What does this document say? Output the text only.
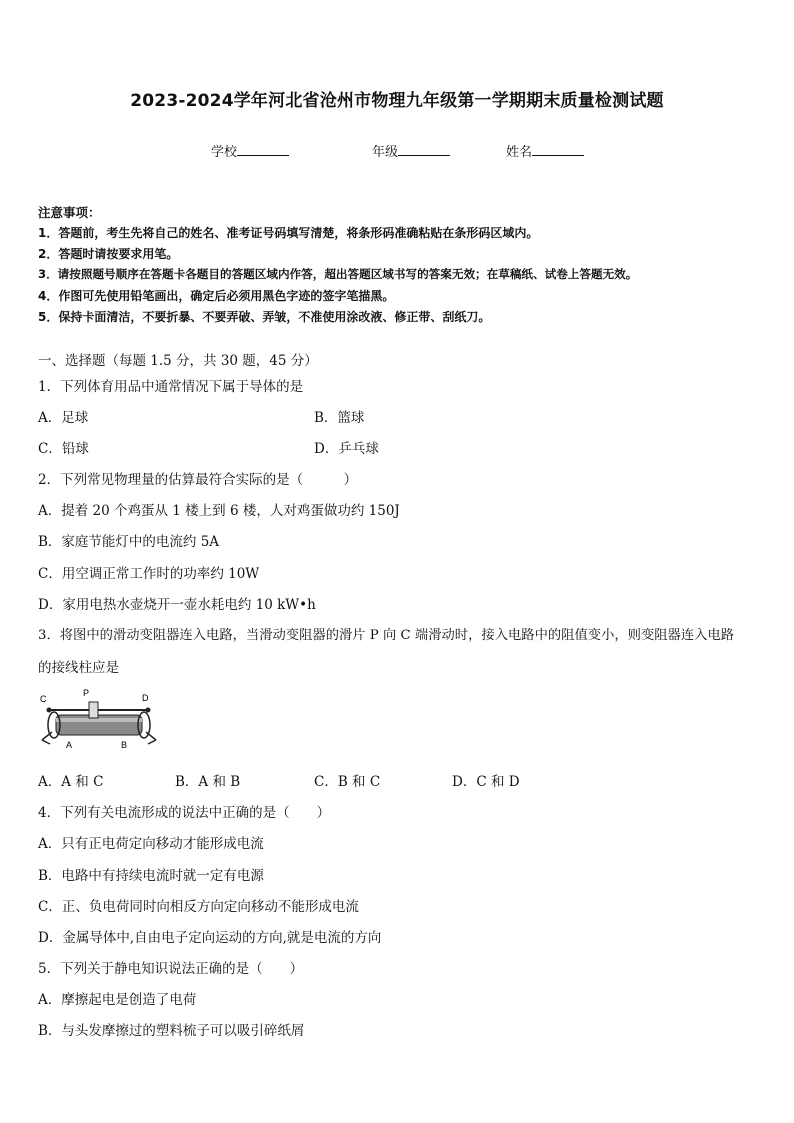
2023-2024学年河北省沧州市物理九年级第一学期期末质量检测试题
学校	年级	姓名
注意事项：
1．答题前，考生先将自己的姓名、准考证号码填写清楚，将条形码准确粘贴在条形码区域内。
2．答题时请按要求用笔。
3．请按照题号顺序在答题卡各题目的答题区域内作答，超出答题区域书写的答案无效；在草稿纸、试卷上答题无效。
4．作图可先使用铅笔画出，确定后必须用黑色字迹的签字笔描黑。
5．保持卡面清洁，不要折暴、不要弄破、弄皱，不准使用涂改液、修正带、刮纸刀。
一、选择题（每题 1.5 分，共 30 题，45 分）
1．下列体育用品中通常情况下属于导体的是
A．足球	B．篮球
C．铅球	D．乒乓球
2．下列常见物理量的估算最符合实际的是（　　　）
A．提着 20 个鸡蛋从 1 楼上到 6 楼，人对鸡蛋做功约 150J
B．家庭节能灯中的电流约 5A
C．用空调正常工作时的功率约 10W
D．家用电热水壶烧开一壶水耗电约 10 kW•h
3．将图中的滑动变阻器连入电路，当滑动变阻器的滑片 P 向 C 端滑动时，接入电路中的阻值变小，则变阻器连入电路
的接线柱应是
C
P	D
A	B
A．A 和 C	B．A 和 B	C．B 和 C	D．C 和 D
4．下列有关电流形成的说法中正确的是（　　）
A．只有正电荷定向移动才能形成电流
B．电路中有持续电流时就一定有电源
C．正、负电荷同时向相反方向定向移动不能形成电流
D．金属导体中,自由电子定向运动的方向,就是电流的方向
5．下列关于静电知识说法正确的是（　　）
A．摩擦起电是创造了电荷
B．与头发摩擦过的塑料梳子可以吸引碎纸屑
